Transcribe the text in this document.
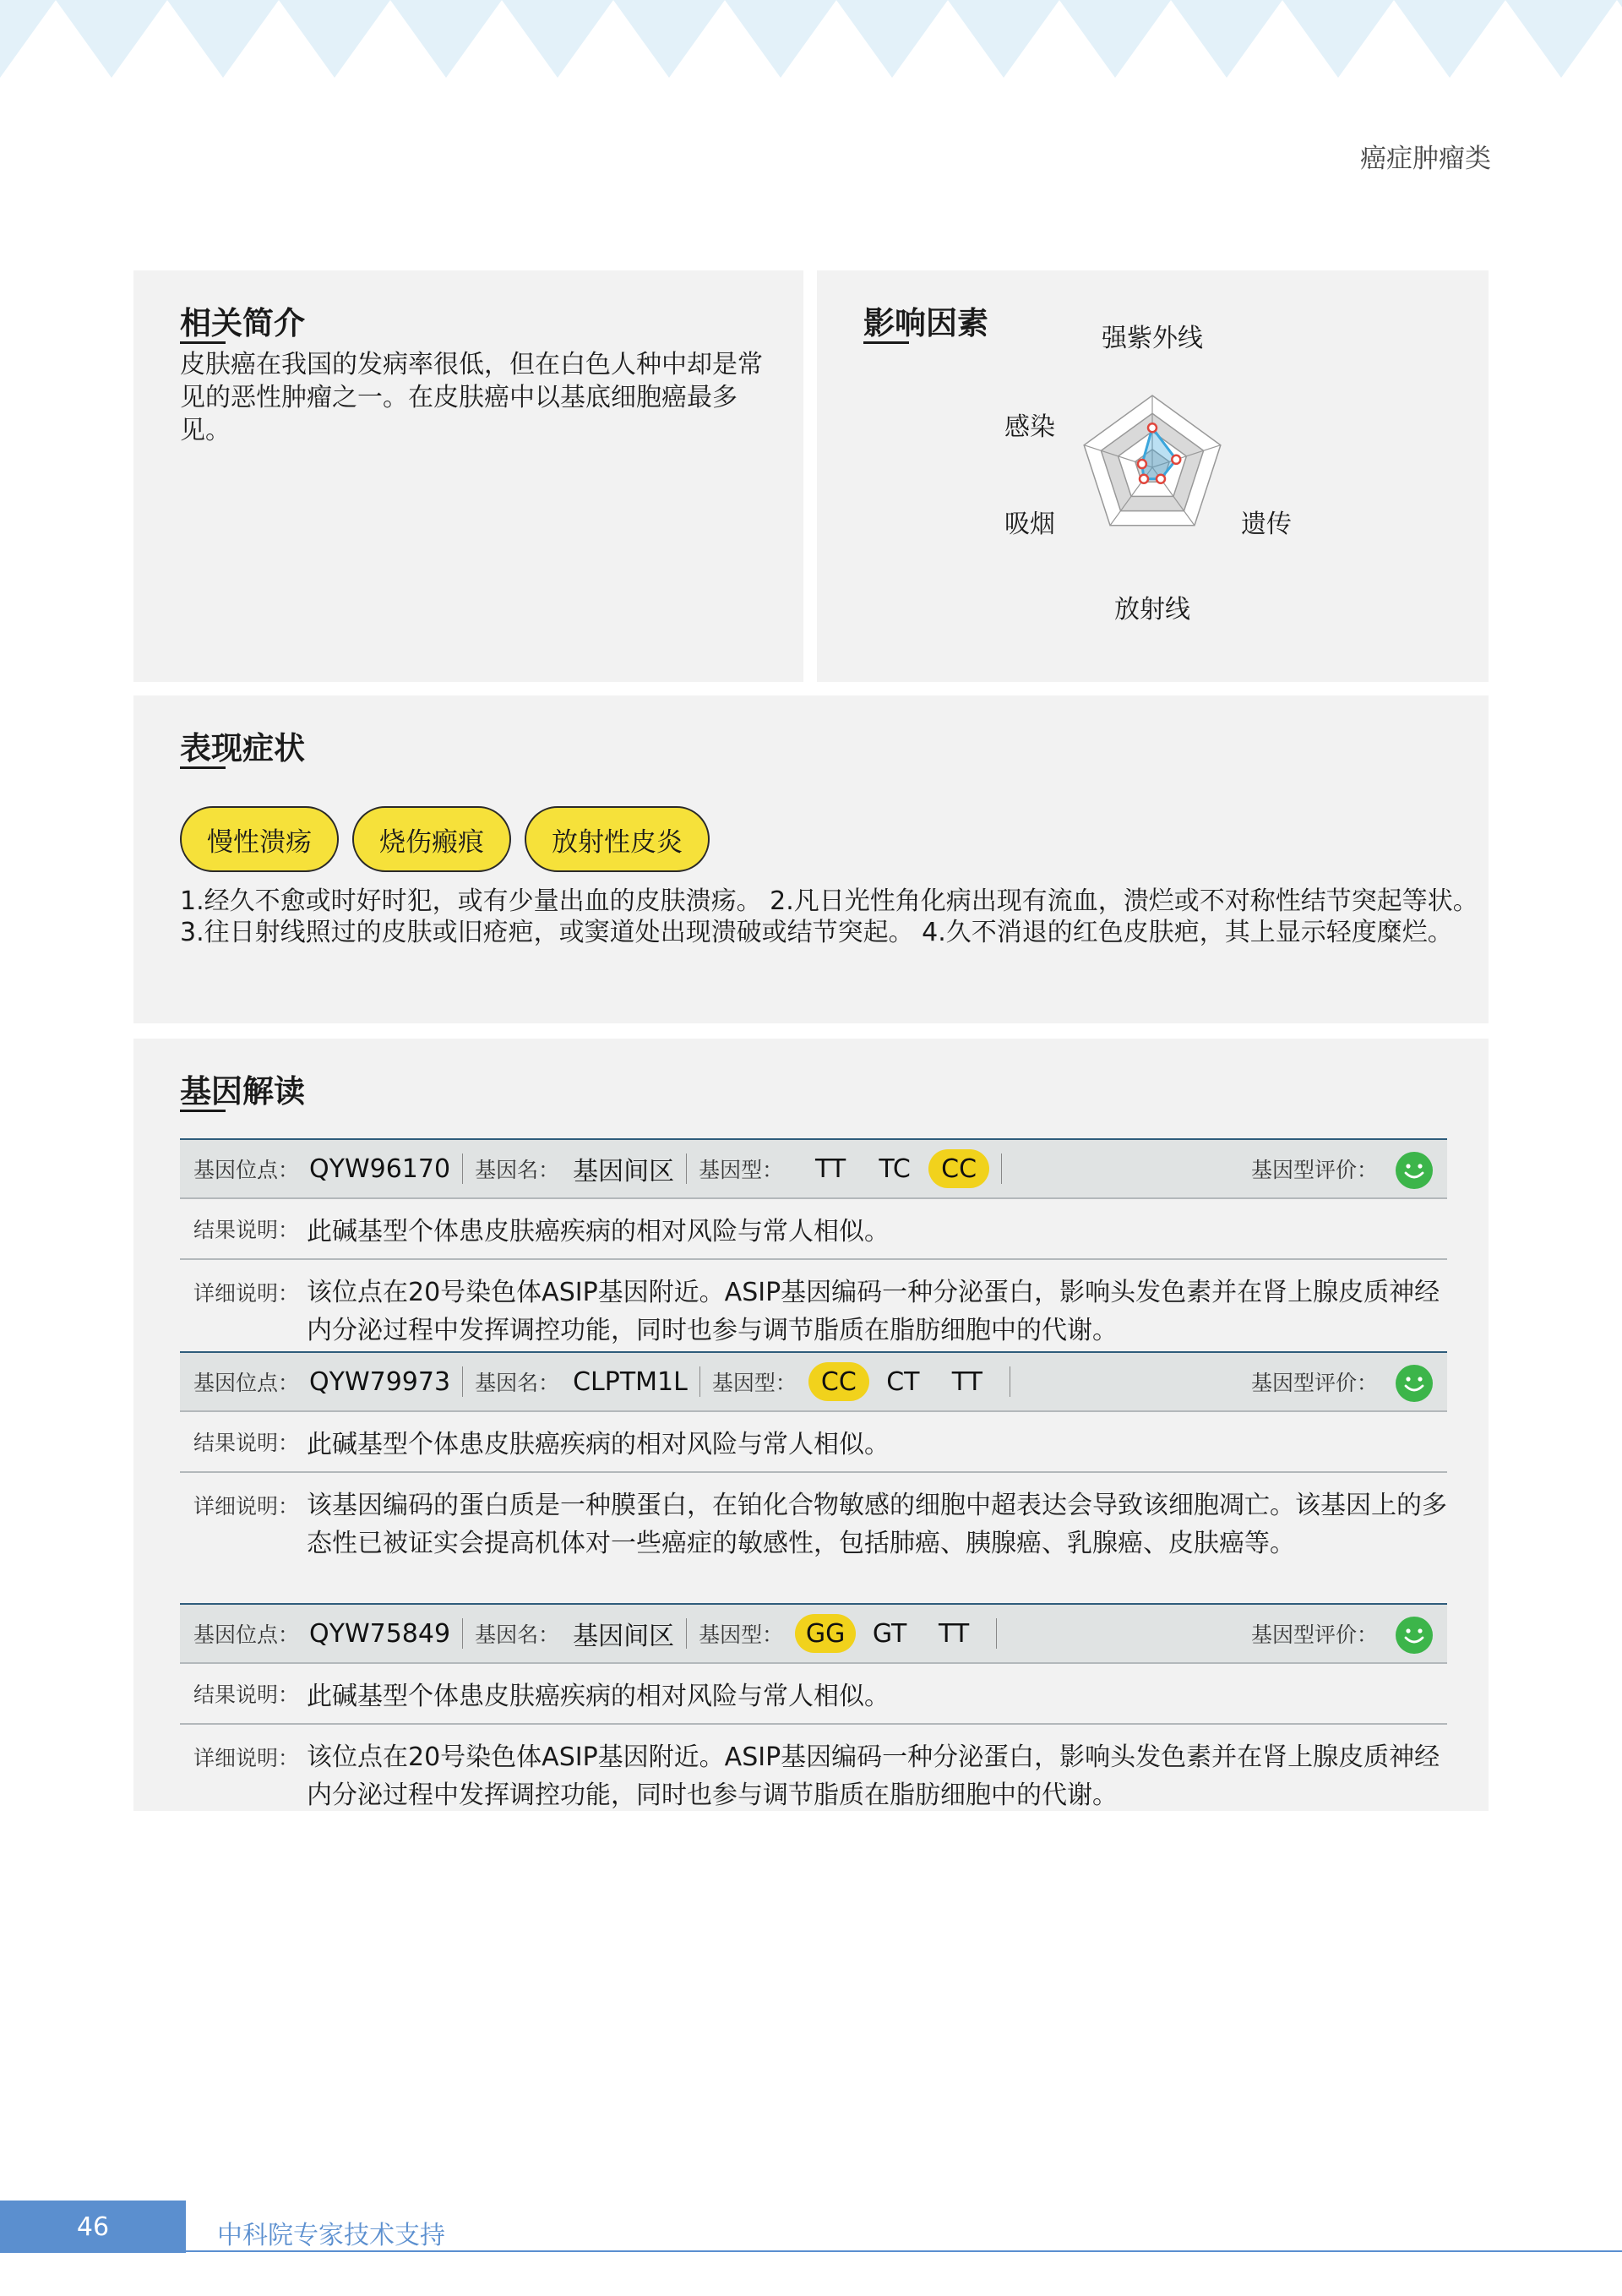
癌症肿瘤类
相关简介
皮肤癌在我国的发病率很低，但在白色人种中却是常见的恶性肿瘤之一。在皮肤癌中以基底细胞癌最多见。
影响因素	强紫外线
遗传
放射线
吸烟
感染
表现症状
慢性溃疡	烧伤瘢痕	放射性皮炎
1.经久不愈或时好时犯，或有少量出血的皮肤溃疡。 2.凡日光性角化病出现有流血，溃烂或不对称性结节突起等状。 3.往日射线照过的皮肤或旧疮疤，或窦道处出现溃破或结节突起。 4.久不消退的红色皮肤疤，其上显示轻度糜烂。
基因解读
基因位点： QYW96170 基因名： 基因间区 基因型：	TT	TC	CC	基因型评价：
结果说明： 此碱基型个体患皮肤癌疾病的相对风险与常人相似。
详细说明： 该位点在20号染色体ASIP基因附近。ASIP基因编码一种分泌蛋白，影响头发色素并在肾上腺皮质神经内分泌过程中发挥调控功能，同时也参与调节脂质在脂肪细胞中的代谢。
基因位点： QYW79973 基因名： CLPTM1L 基因型： CC	CT	TT	基因型评价：
结果说明： 此碱基型个体患皮肤癌疾病的相对风险与常人相似。
详细说明： 该基因编码的蛋白质是一种膜蛋白，在铂化合物敏感的细胞中超表达会导致该细胞凋亡。该基因上的多态性已被证实会提高机体对一些癌症的敏感性，包括肺癌、胰腺癌、乳腺癌、皮肤癌等。
基因位点： QYW75849 基因名： 基因间区 基因型： GG	GT	TT	基因型评价：
结果说明： 此碱基型个体患皮肤癌疾病的相对风险与常人相似。
详细说明： 该位点在20号染色体ASIP基因附近。ASIP基因编码一种分泌蛋白，影响头发色素并在肾上腺皮质神经内分泌过程中发挥调控功能，同时也参与调节脂质在脂肪细胞中的代谢。
46	中科院专家技术支持
